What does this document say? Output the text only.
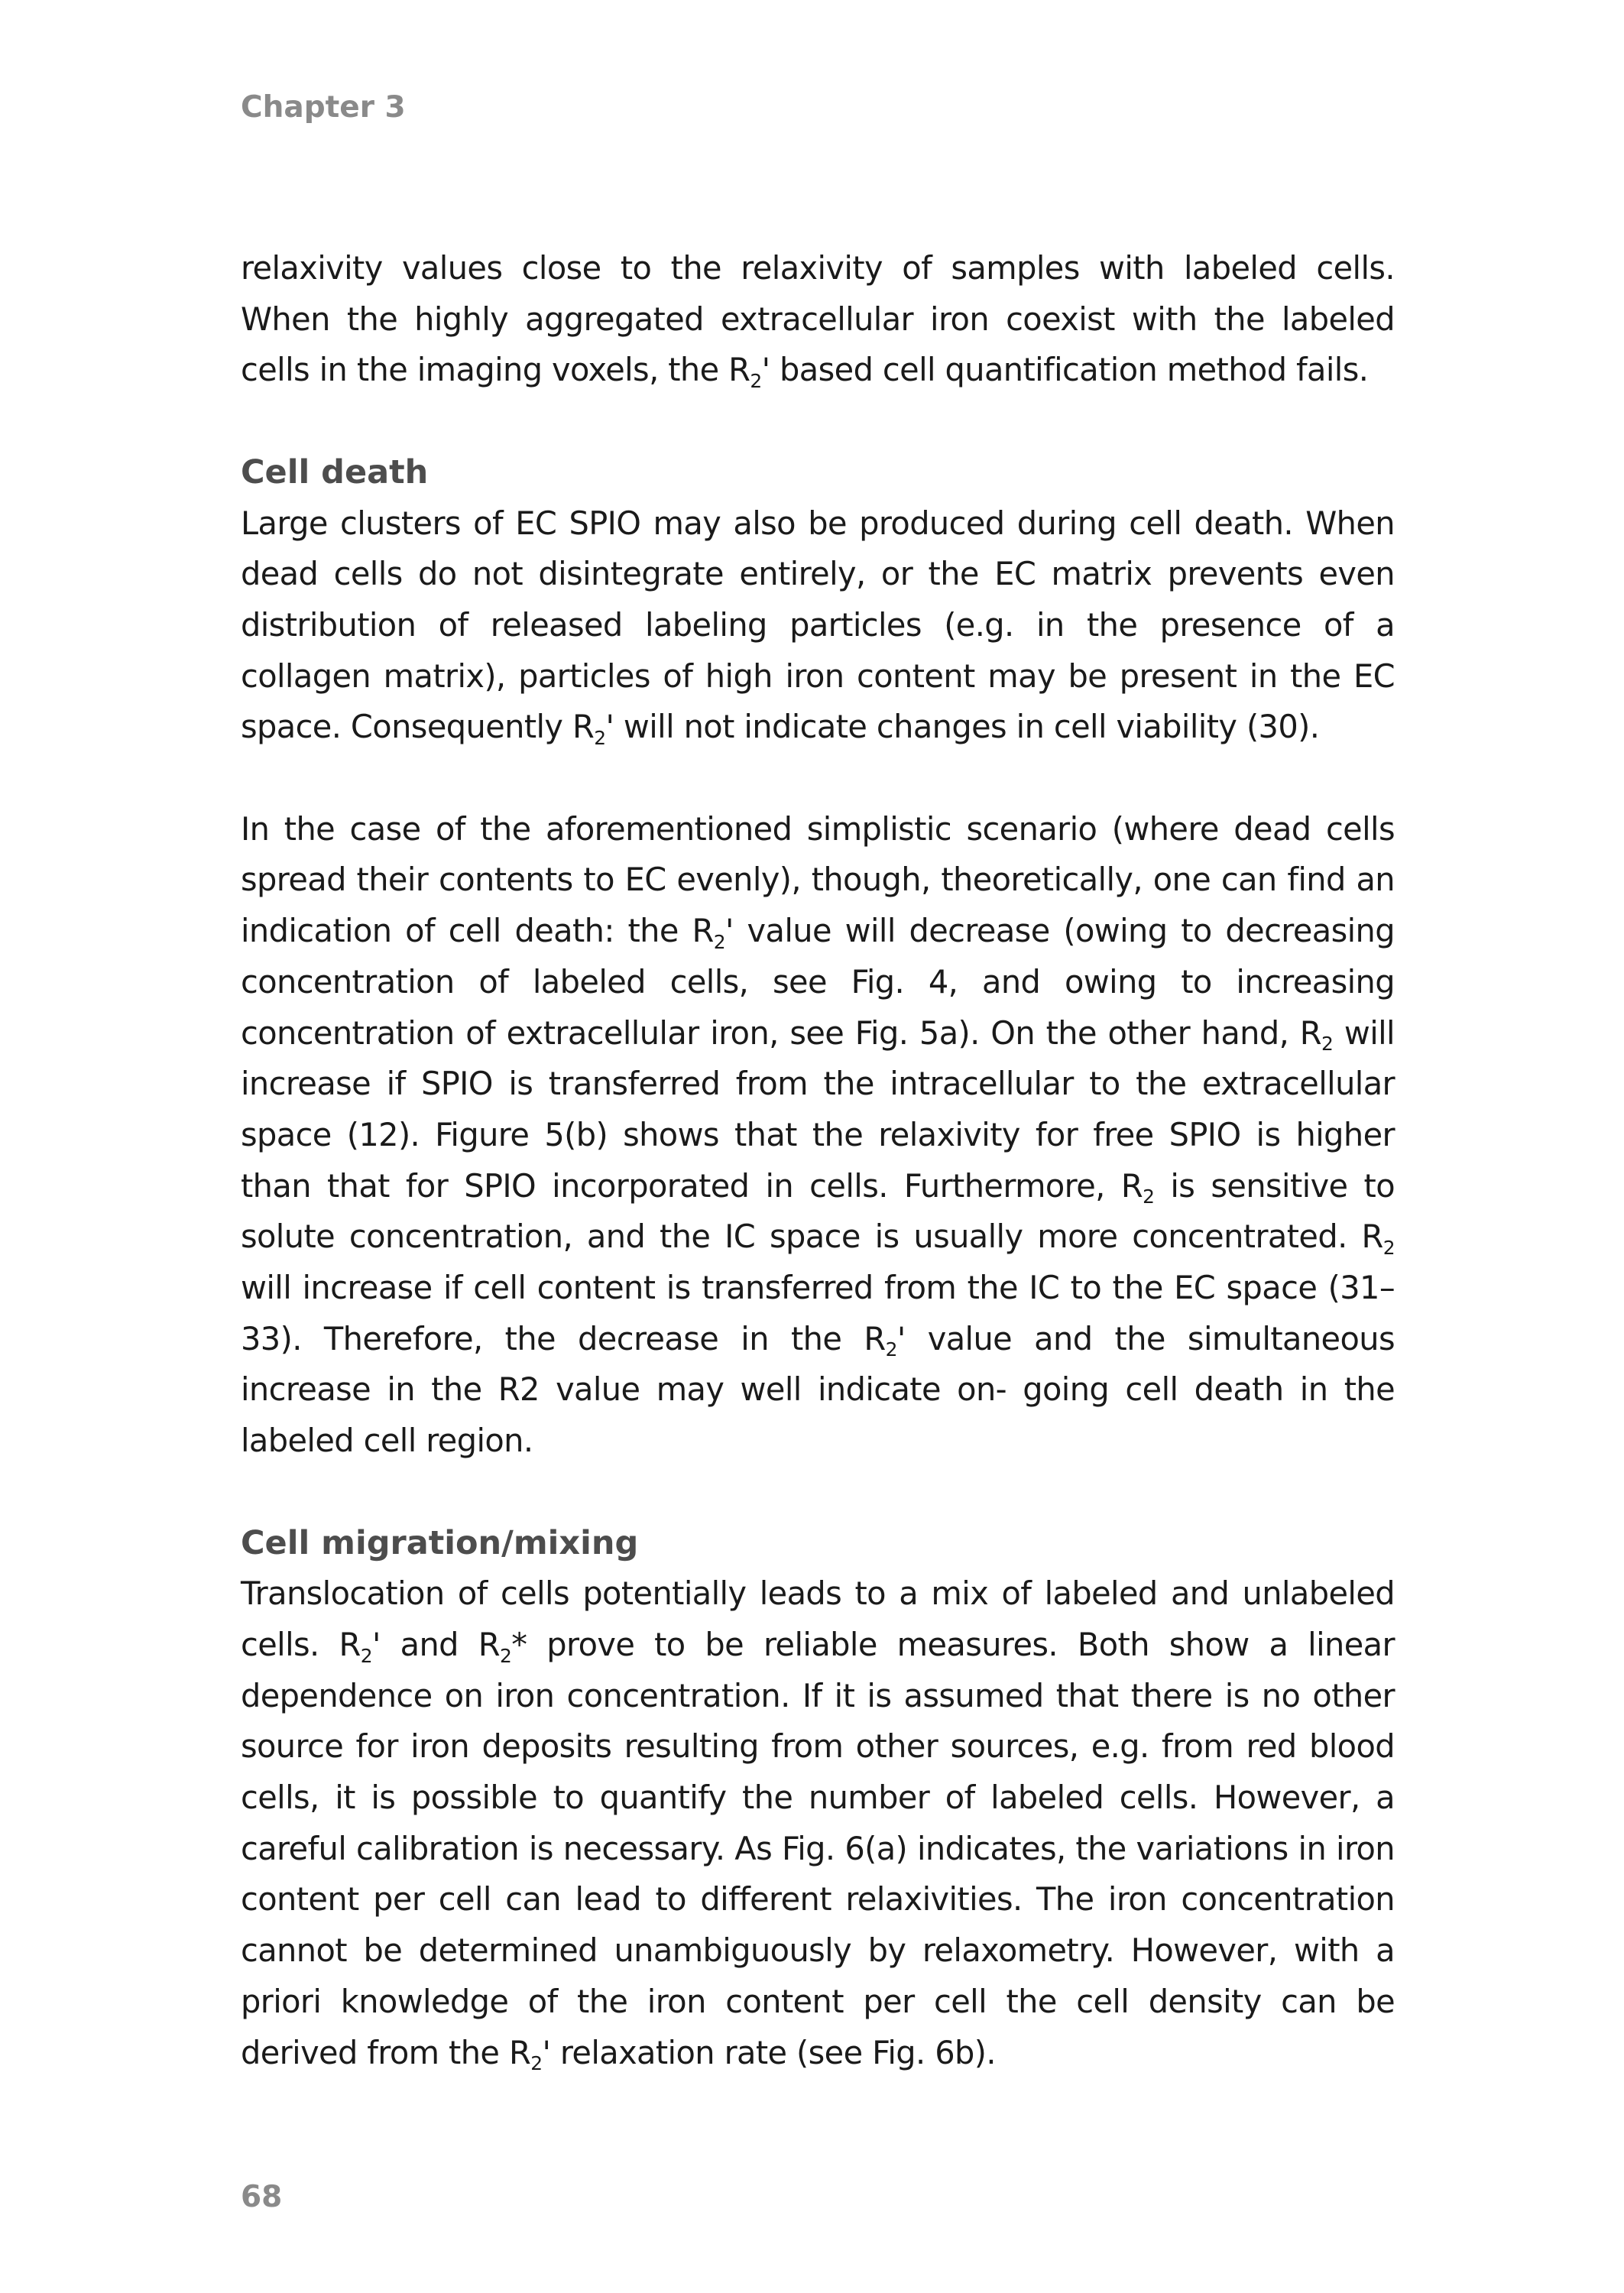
Chapter 3

relaxivity values close to the relaxivity of samples with labeled cells. When the highly aggregated extracellular iron coexist with the labeled cells in the imaging voxels, the $R_2'$ based cell quantification method fails.

Cell death

Large clusters of EC SPIO may also be produced during cell death. When dead cells do not disintegrate entirely, or the EC matrix prevents even distribution of released labeling particles (e.g. in the presence of a collagen matrix), particles of high iron content may be present in the EC space. Consequently $R_2'$ will not indicate changes in cell viability (30).

In the case of the aforementioned simplistic scenario (where dead cells spread their contents to EC evenly), though, theoretically, one can find an indication of cell death: the $R_2'$ value will decrease (owing to decreasing concentration of labeled cells, see Fig. 4, and owing to increasing concentration of extracellular iron, see Fig. 5a). On the other hand, $R_2$ will increase if SPIO is transferred from the intracellular to the extracellular space (12). Figure 5(b) shows that the relaxivity for free SPIO is higher than that for SPIO incorporated in cells. Furthermore, $R_2$ is sensitive to solute concentration, and the IC space is usually more concentrated. $R_2$ will increase if cell content is transferred from the IC to the EC space (31–33). Therefore, the decrease in the $R_2'$ value and the simultaneous increase in the R2 value may well indicate on- going cell death in the labeled cell region.

Cell migration/mixing

Translocation of cells potentially leads to a mix of labeled and unlabeled cells. $R_2'$ and $R_2*$ prove to be reliable measures. Both show a linear dependence on iron concentration. If it is assumed that there is no other source for iron deposits resulting from other sources, e.g. from red blood cells, it is possible to quantify the number of labeled cells. However, a careful calibration is necessary. As Fig. 6(a) indicates, the variations in iron content per cell can lead to different relaxivities. The iron concentration cannot be determined unambiguously by relaxometry. However, with a priori knowledge of the iron content per cell the cell density can be derived from the $R_2'$ relaxation rate (see Fig. 6b).

68
